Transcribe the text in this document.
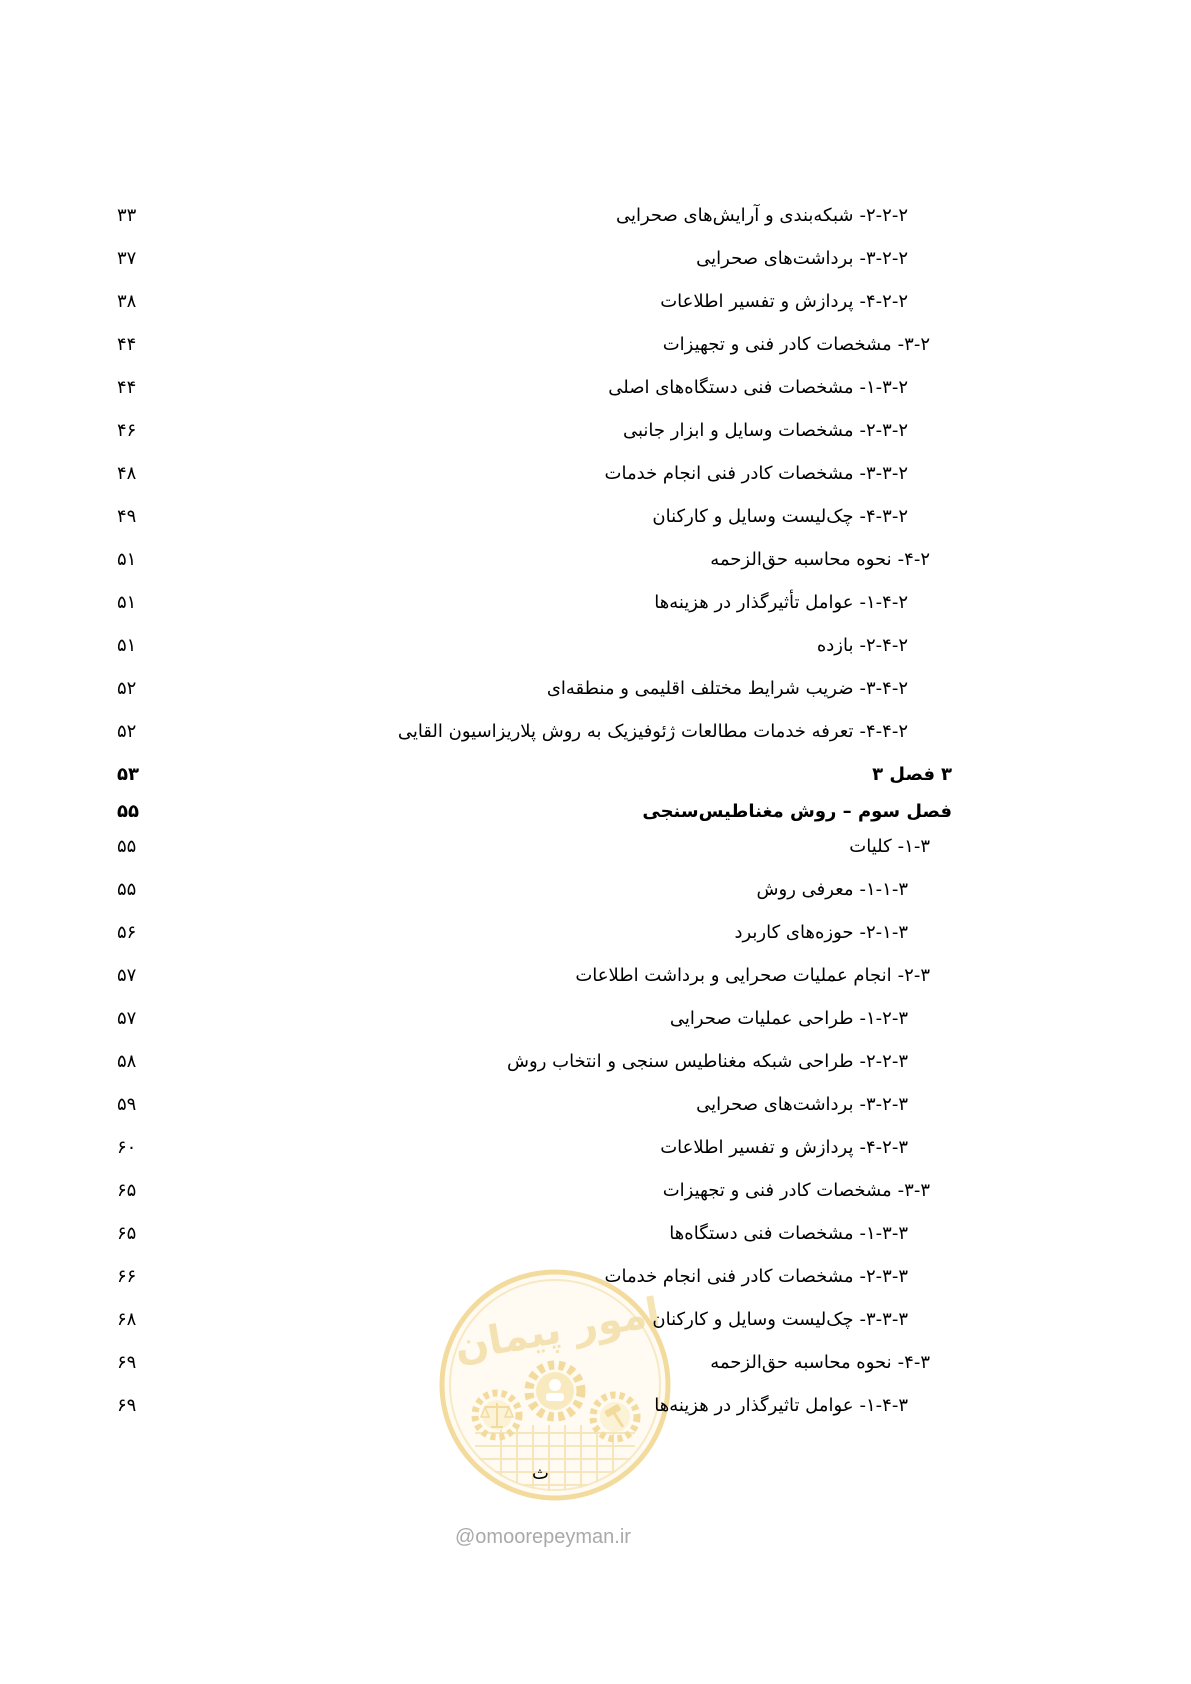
امور پیمان
۲-۲-۲-شبکه‌بندی و آرایش‌های صحرایی
۳۳
۲-۲-۳-برداشت‌های صحرایی
۳۷
۲-۲-۴-پردازش و تفسیر اطلاعات
۳۸
۲-۳-مشخصات کادر فنی و تجهیزات
۴۴
۲-۳-۱-مشخصات فنی دستگاه‌های اصلی
۴۴
۲-۳-۲-مشخصات وسایل و ابزار جانبی
۴۶
۲-۳-۳-مشخصات کادر فنی انجام خدمات
۴۸
۲-۳-۴-چک‌لیست وسایل و کارکنان
۴۹
۲-۴-نحوه محاسبه حق‌الزحمه
۵۱
۲-۴-۱-عوامل تأثیرگذار در هزینه‌ها
۵۱
۲-۴-۲-بازده
۵۱
۲-۴-۳-ضریب شرایط مختلف اقلیمی و منطقه‌ای
۵۲
۲-۴-۴-تعرفه خدمات مطالعات ژئوفیزیک به روش پلاریزاسیون القایی
۵۲
۳فصل ۳
۵۳
فصل سوم – روش مغناطیس‌سنجی
۵۵
۳-۱-کلیات
۵۵
۳-۱-۱-معرفی روش
۵۵
۳-۱-۲-حوزه‌های کاربرد
۵۶
۳-۲-انجام عملیات صحرایی و برداشت اطلاعات
۵۷
۳-۲-۱-طراحی عملیات صحرایی
۵۷
۳-۲-۲-طراحی شبکه مغناطیس سنجی و انتخاب روش
۵۸
۳-۲-۳-برداشت‌های صحرایی
۵۹
۳-۲-۴-پردازش و تفسیر اطلاعات
۶۰
۳-۳-مشخصات کادر فنی و تجهیزات
۶۵
۳-۳-۱-مشخصات فنی دستگاه‌ها
۶۵
۳-۳-۲-مشخصات کادر فنی انجام خدمات
۶۶
۳-۳-۳-چک‌لیست وسایل و کارکنان
۶۸
۳-۴-نحوه محاسبه حق‌الزحمه
۶۹
۳-۴-۱-عوامل تاثیرگذار در هزینه‌ها
۶۹
ث
@omoorepeyman.ir
